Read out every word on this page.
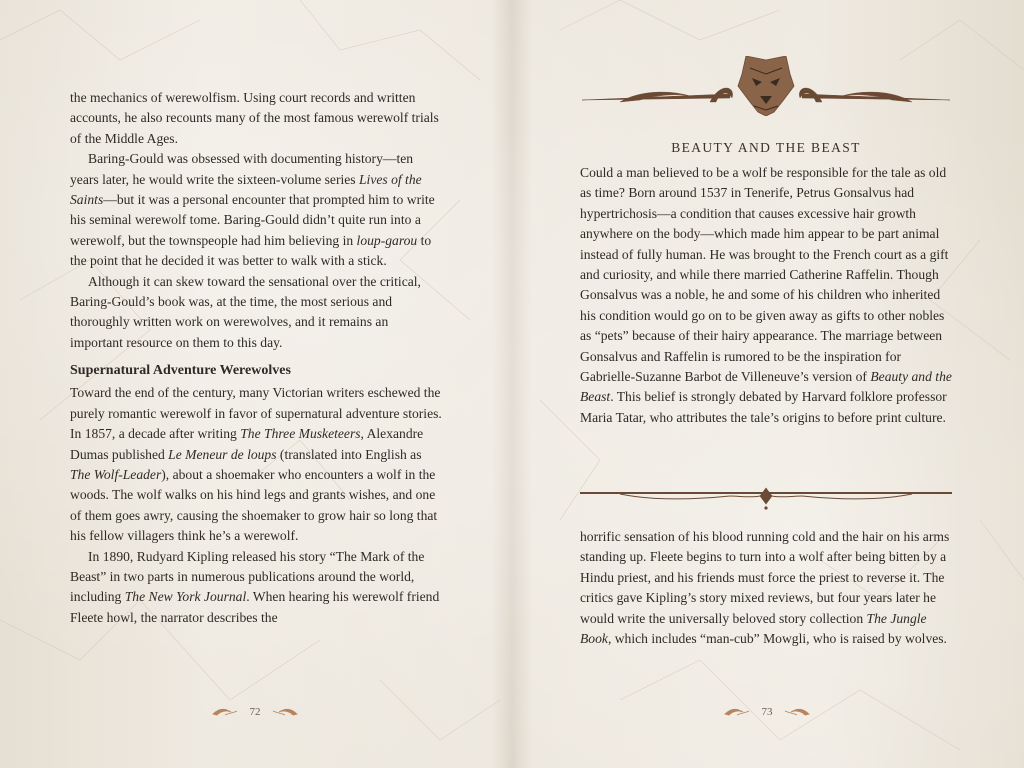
the mechanics of werewolfism. Using court records and written accounts, he also recounts many of the most famous werewolf trials of the Middle Ages.

Baring-Gould was obsessed with documenting history—ten years later, he would write the sixteen-volume series Lives of the Saints—but it was a personal encounter that prompted him to write his seminal werewolf tome. Baring-Gould didn’t quite run into a werewolf, but the townspeople had him believing in loup-garou to the point that he decided it was better to walk with a stick.

Although it can skew toward the sensational over the critical, Baring-Gould’s book was, at the time, the most serious and thoroughly written work on werewolves, and it remains an important resource on them to this day.

Supernatural Adventure Werewolves

Toward the end of the century, many Victorian writers eschewed the purely romantic werewolf in favor of supernatural adventure stories. In 1857, a decade after writing The Three Musketeers, Alexandre Dumas published Le Meneur de loups (translated into English as The Wolf-Leader), about a shoemaker who encounters a wolf in the woods. The wolf walks on his hind legs and grants wishes, and one of them goes awry, causing the shoemaker to grow hair so long that his fellow villagers think he’s a werewolf.

In 1890, Rudyard Kipling released his story “The Mark of the Beast” in two parts in numerous publications around the world, including The New York Journal. When hearing his werewolf friend Fleete howl, the narrator describes the

72
BEAUTY AND THE BEAST
Could a man believed to be a wolf be responsible for the tale as old as time? Born around 1537 in Tenerife, Petrus Gonsalvus had hypertrichosis—a condition that causes excessive hair growth anywhere on the body—which made him appear to be part animal instead of fully human. He was brought to the French court as a gift and curiosity, and while there married Catherine Raffelin. Though Gonsalvus was a noble, he and some of his children who inherited his condition would go on to be given away as gifts to other nobles as “pets” because of their hairy appearance. The marriage between Gonsalvus and Raffelin is rumored to be the inspiration for Gabrielle-Suzanne Barbot de Villeneuve’s version of Beauty and the Beast. This belief is strongly debated by Harvard folklore professor Maria Tatar, who attributes the tale’s origins to before print culture.
horrific sensation of his blood running cold and the hair on his arms standing up. Fleete begins to turn into a wolf after being bitten by a Hindu priest, and his friends must force the priest to reverse it. The critics gave Kipling’s story mixed reviews, but four years later he would write the universally beloved story collection The Jungle Book, which includes “man-cub” Mowgli, who is raised by wolves.
73
